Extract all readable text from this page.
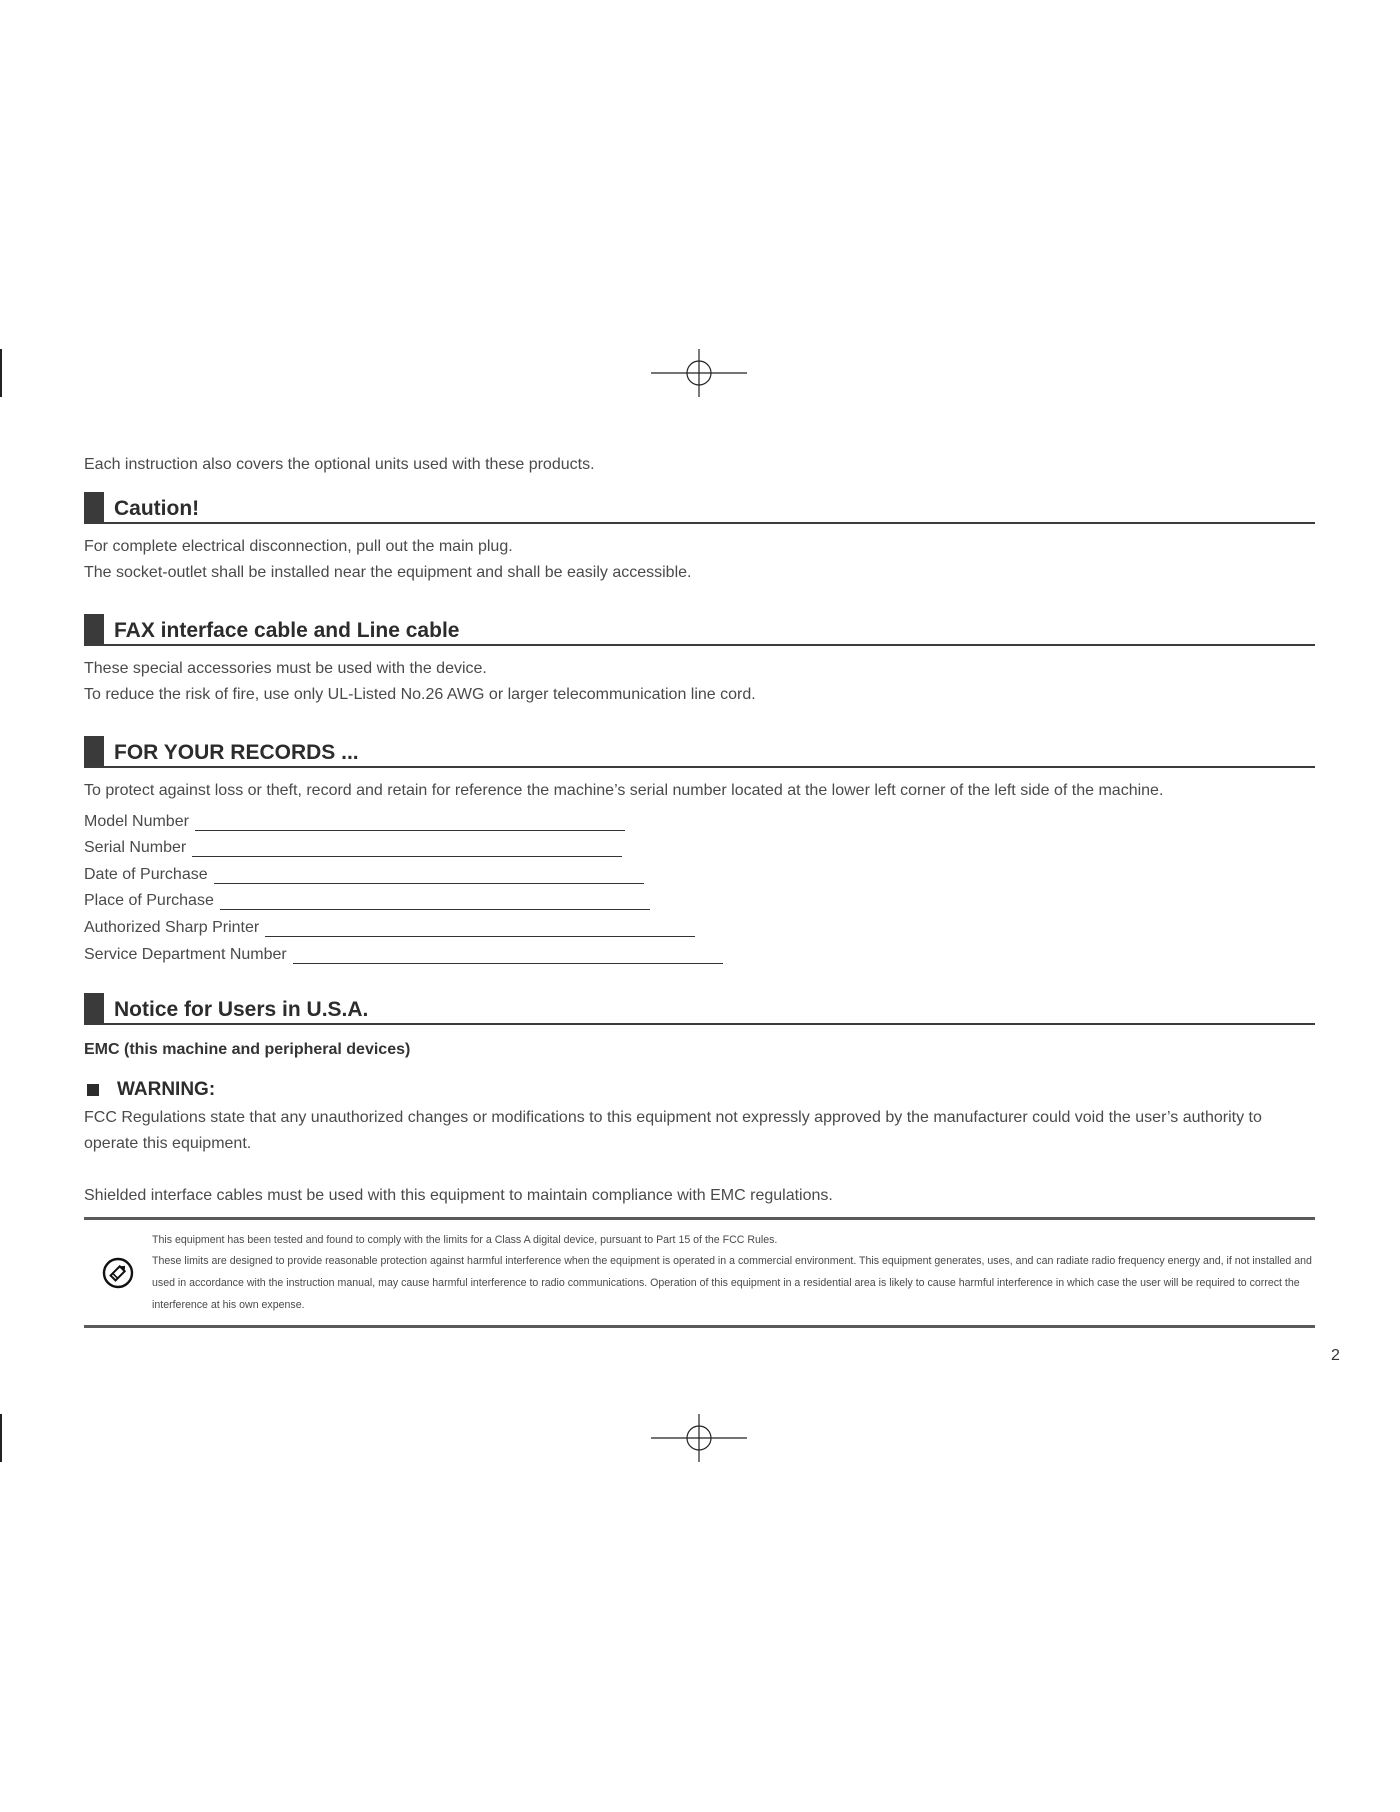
Each instruction also covers the optional units used with these products.

Caution!

For complete electrical disconnection, pull out the main plug.

The socket-outlet shall be installed near the equipment and shall be easily accessible.

FAX interface cable and Line cable

These special accessories must be used with the device.

To reduce the risk of fire, use only UL-Listed No.26 AWG or larger telecommunication line cord.

FOR YOUR RECORDS ...

To protect against loss or theft, record and retain for reference the machine’s serial number located at the lower left corner of the left side of the machine.

Model Number
Serial Number
Date of Purchase
Place of Purchase
Authorized Sharp Printer
Service Department Number
Notice for Users in U.S.A.

EMC (this machine and peripheral devices)

WARNING:

FCC Regulations state that any unauthorized changes or modifications to this equipment not expressly approved by the manufacturer could void the user’s authority to operate this equipment.

Shielded interface cables must be used with this equipment to maintain compliance with EMC regulations.

This equipment has been tested and found to comply with the limits for a Class A digital device, pursuant to Part 15 of the FCC Rules.

These limits are designed to provide reasonable protection against harmful interference when the equipment is operated in a commercial environment. This equipment generates, uses, and can radiate radio frequency energy and, if not installed and used in accordance with the instruction manual, may cause harmful interference to radio communications. Operation of this equipment in a residential area is likely to cause harmful interference in which case the user will be required to correct the interference at his own expense.

2
